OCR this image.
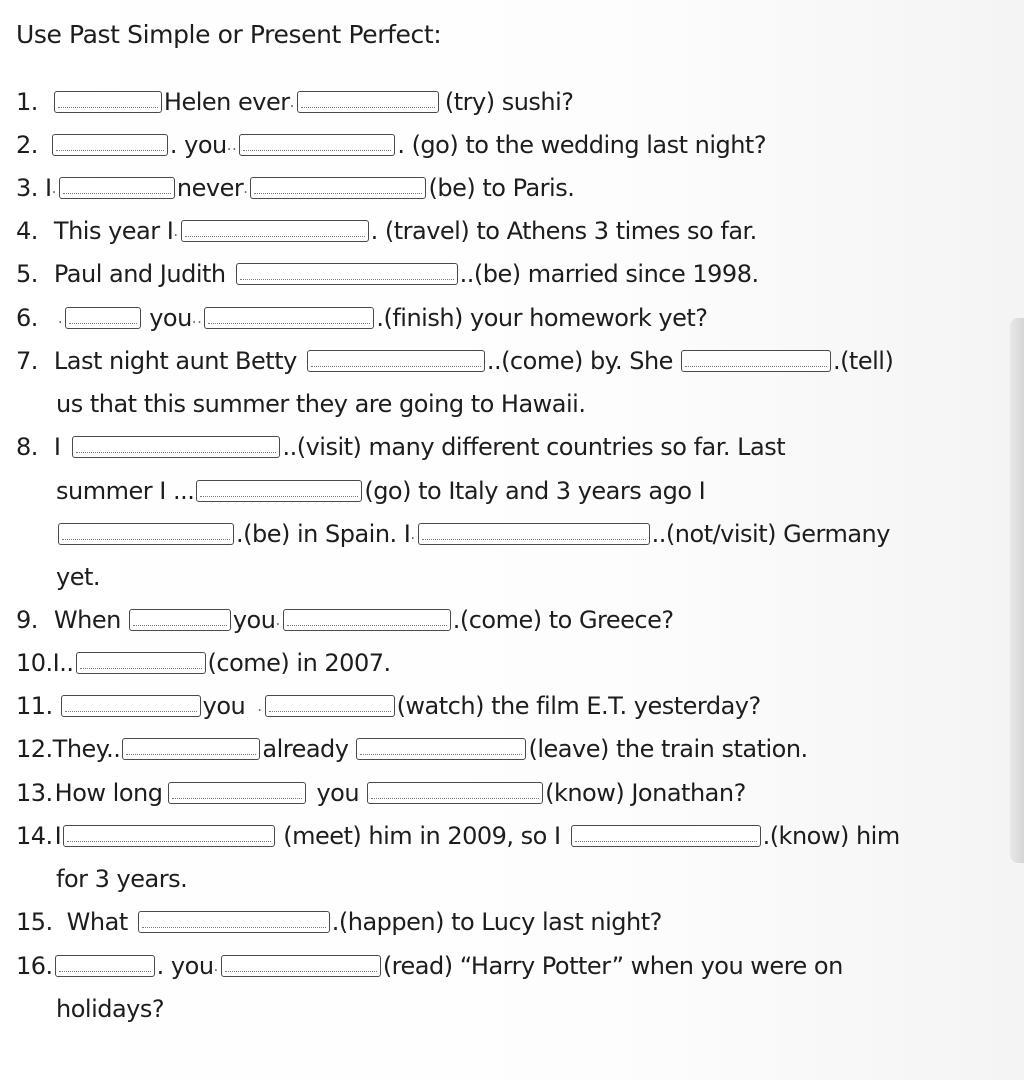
Use Past Simple or Present Perfect:
1.	Helen ever .	(try) sushi?
2.	. you ..	. (go) to the wedding last night?
3. I .	never .	(be) to Paris.
4. This year I .	. (travel) to Athens 3 times so far.
5. Paul and Judith	..(be) married since 1998.
6. .	you ..	.(finish) your homework yet?
7. Last night aunt Betty	..(come) by. She	.(tell)
us that this summer they are going to Hawaii.
8. I	..(visit) many different countries so far. Last
summer I ...	(go) to Italy and 3 years ago I
.(be) in Spain. I .	..(not/visit) Germany
yet.
9. When	you .	.(come) to Greece?
10. I..	(come) in 2007.
11.	you .	(watch) the film E.T. yesterday?
12. They..	already	(leave) the train station.
13. How long	you	(know) Jonathan?
14. I	(meet) him in 2009, so I	.(know) him
for 3 years.
15. What	.(happen) to Lucy last night?
16.	. you .	(read) “Harry Potter” when you were on
holidays?
